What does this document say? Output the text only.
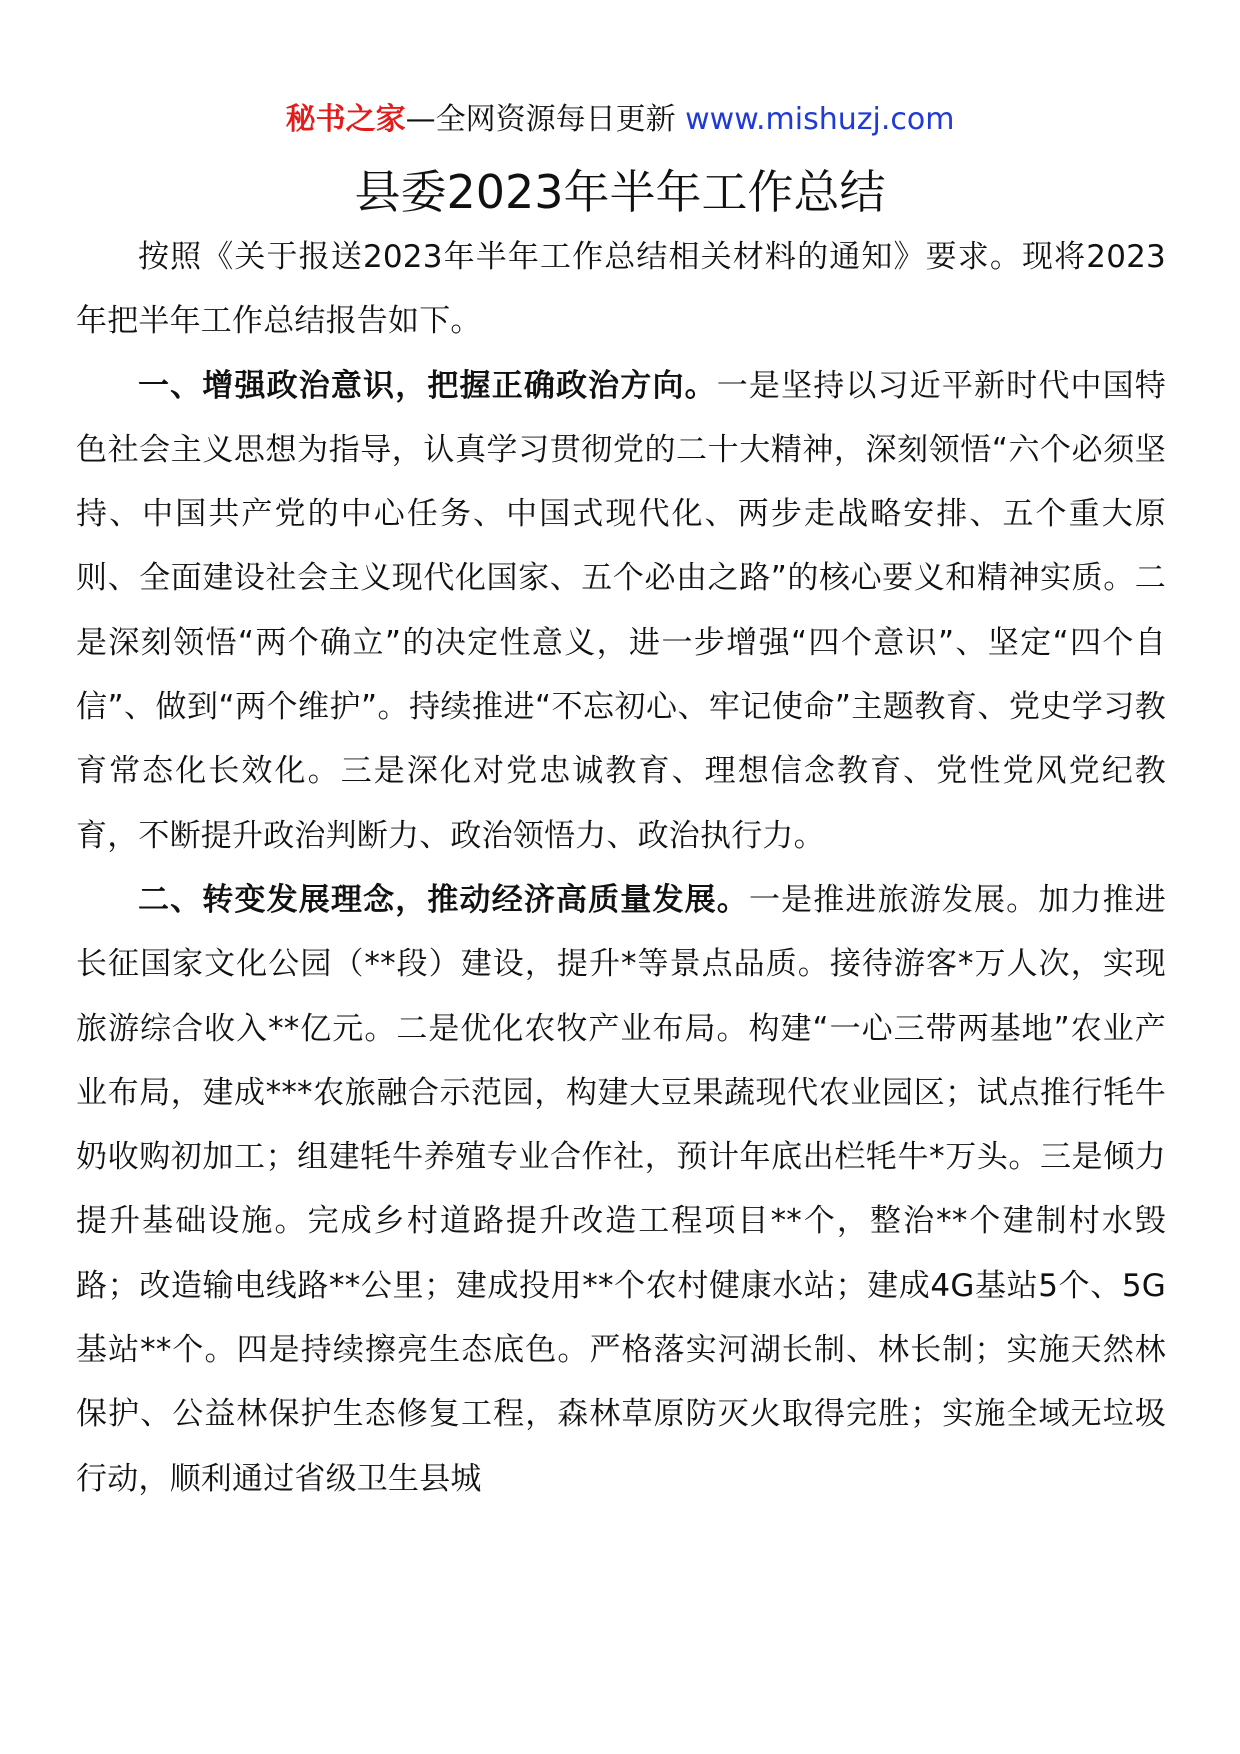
秘书之家—全网资源每日更新 www.mishuzj.com
县委2023年半年工作总结

按照《关于报送2023年半年工作总结相关材料的通知》要求。现将2023年把半年工作总结报告如下。

一、增强政治意识，把握正确政治方向。一是坚持以习近平新时代中国特色社会主义思想为指导，认真学习贯彻党的二十大精神，深刻领悟“六个必须坚持、中国共产党的中心任务、中国式现代化、两步走战略安排、五个重大原则、全面建设社会主义现代化国家、五个必由之路”的核心要义和精神实质。二是深刻领悟“两个确立”的决定性意义，进一步增强“四个意识”、坚定“四个自信”、做到“两个维护”。持续推进“不忘初心、牢记使命”主题教育、党史学习教育常态化长效化。三是深化对党忠诚教育、理想信念教育、党性党风党纪教育，不断提升政治判断力、政治领悟力、政治执行力。

二、转变发展理念，推动经济高质量发展。一是推进旅游发展。加力推进长征国家文化公园（**段）建设，提升*等景点品质。接待游客*万人次，实现旅游综合收入**亿元。二是优化农牧产业布局。构建“一心三带两基地”农业产业布局，建成***农旅融合示范园，构建大豆果蔬现代农业园区；试点推行牦牛奶收购初加工；组建牦牛养殖专业合作社，预计年底出栏牦牛*万头。三是倾力提升基础设施。完成乡村道路提升改造工程项目**个，整治**个建制村水毁路；改造输电线路**公里；建成投用**个农村健康水站；建成4G基站5个、5G基站**个。四是持续擦亮生态底色。严格落实河湖长制、林长制；实施天然林保护、公益林保护生态修复工程，森林草原防灭火取得完胜；实施全域无垃圾行动，顺利通过省级卫生县城
